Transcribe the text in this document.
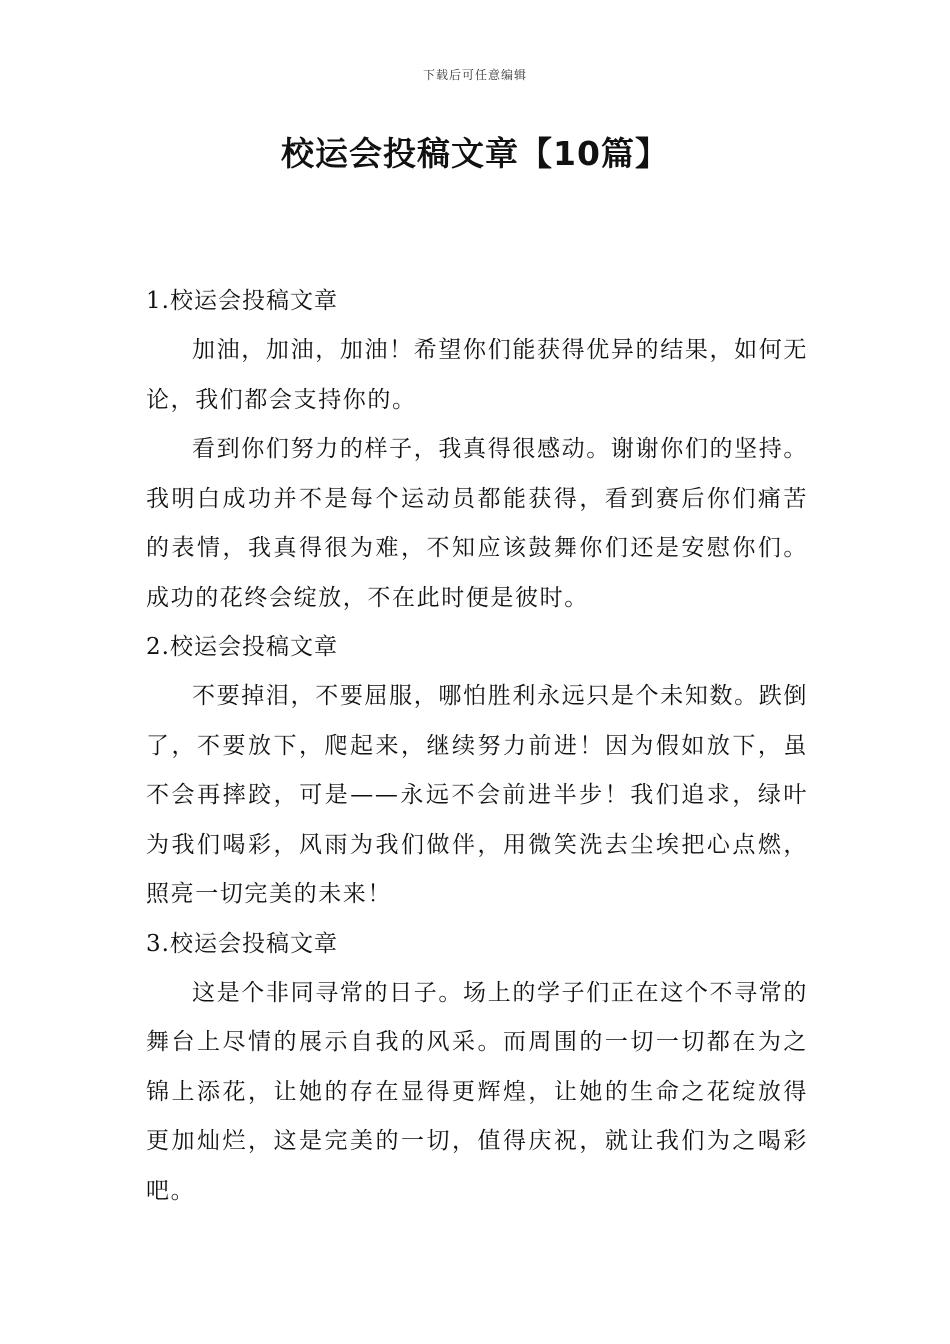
下载后可任意编辑
校运会投稿文章【10篇】

1.校运会投稿文章

加油，加油，加油！希望你们能获得优异的结果，如何无论，我们都会支持你的。

看到你们努力的样子，我真得很感动。谢谢你们的坚持。我明白成功并不是每个运动员都能获得，看到赛后你们痛苦的表情，我真得很为难，不知应该鼓舞你们还是安慰你们。成功的花终会绽放，不在此时便是彼时。

2.校运会投稿文章

不要掉泪，不要屈服，哪怕胜利永远只是个未知数。跌倒了，不要放下，爬起来，继续努力前进！因为假如放下，虽不会再摔跤，可是——永远不会前进半步！我们追求，绿叶为我们喝彩，风雨为我们做伴，用微笑洗去尘埃把心点燃，照亮一切完美的未来！

3.校运会投稿文章

这是个非同寻常的日子。场上的学子们正在这个不寻常的舞台上尽情的展示自我的风采。而周围的一切一切都在为之锦上添花，让她的存在显得更辉煌，让她的生命之花绽放得更加灿烂，这是完美的一切，值得庆祝，就让我们为之喝彩吧。
